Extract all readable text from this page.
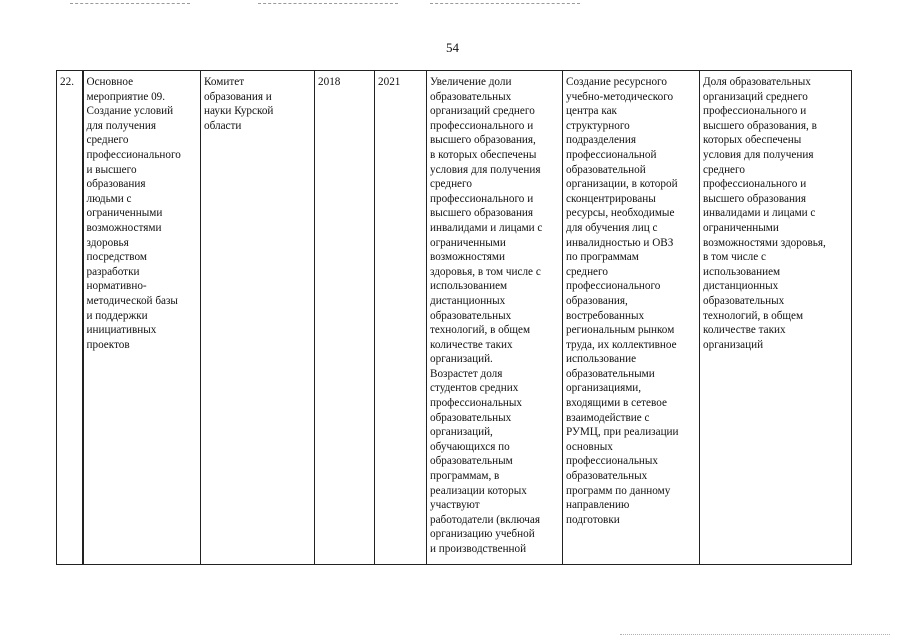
54
22.	Основное
мероприятие 09.
Создание условий
для получения
среднего
профессионального
и высшего
образования
людьми с
ограниченными
возможностями
здоровья
посредством
разработки
нормативно-
методической базы
и поддержки
инициативных
проектов	Комитет
образования и
науки Курской
области	2018	2021	Увеличение доли
образовательных
организаций среднего
профессионального и
высшего образования,
в которых обеспечены
условия для получения
среднего
профессионального и
высшего образования
инвалидами и лицами с
ограниченными
возможностями
здоровья, в том числе с
использованием
дистанционных
образовательных
технологий, в общем
количестве таких
организаций.
Возрастет доля
студентов средних
профессиональных
образовательных
организаций,
обучающихся по
образовательным
программам, в
реализации которых
участвуют
работодатели (включая
организацию учебной
и производственной	Создание ресурсного
учебно-методического
центра как
структурного
подразделения
профессиональной
образовательной
организации, в которой
сконцентрированы
ресурсы, необходимые
для обучения лиц с
инвалидностью и ОВЗ
по программам
среднего
профессионального
образования,
востребованных
региональным рынком
труда, их коллективное
использование
образовательными
организациями,
входящими в сетевое
взаимодействие с
РУМЦ, при реализации
основных
профессиональных
образовательных
программ по данному
направлению
подготовки	Доля образовательных
организаций среднего
профессионального и
высшего образования, в
которых обеспечены
условия для получения
среднего
профессионального и
высшего образования
инвалидами и лицами с
ограниченными
возможностями здоровья,
в том числе с
использованием
дистанционных
образовательных
технологий, в общем
количестве таких
организаций
